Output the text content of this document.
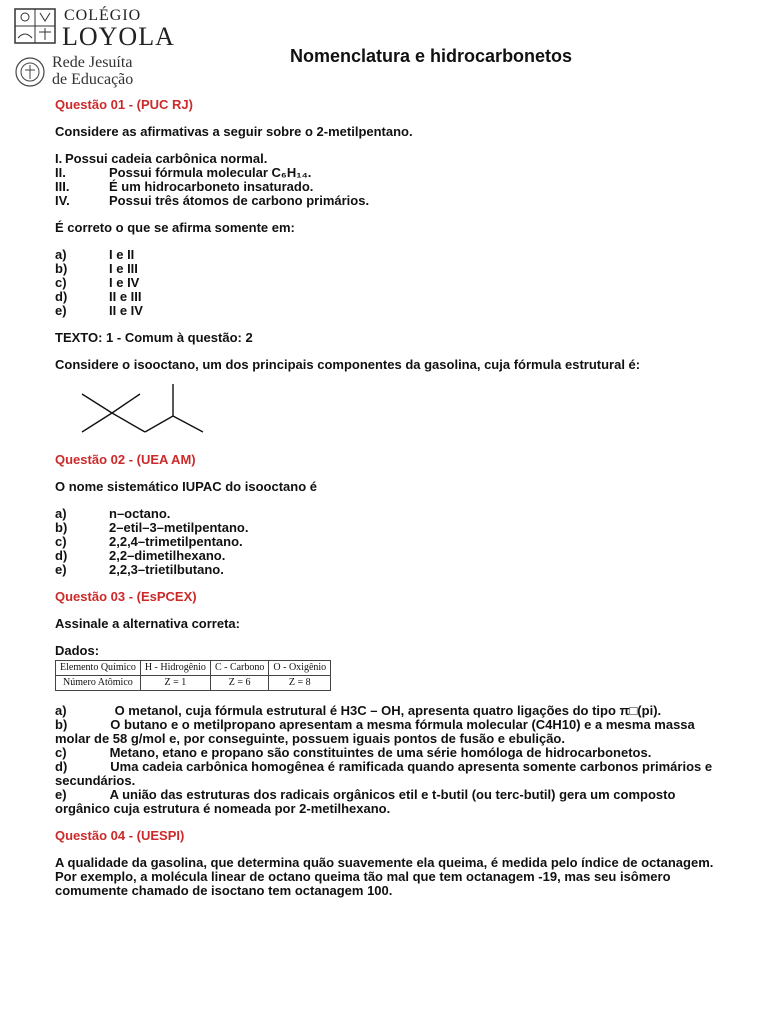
COLÉGIO
LOYOLA
Rede Jesuíta
de Educação
Nomenclatura e hidrocarbonetos

Questão 01 - (PUC RJ)

Considere as afirmativas a seguir sobre o 2-metilpentano.

I. Possui cadeia carbônica normal.
II.	Possui fórmula molecular C₆H₁₄.
III.	É um hidrocarboneto insaturado.
IV.	Possui três átomos de carbono primários.

É correto o que se afirma somente em:

a)	I e II
b)	I e III
c)	I e IV
d)	II e III
e)	II e IV

TEXTO: 1 - Comum à questão: 2

Considere o isooctano, um dos principais componentes da gasolina, cuja fórmula estrutural é:

Questão 02 - (UEA AM)

O nome sistemático IUPAC do isooctano é

a)	n–octano.
b)	2–etil–3–metilpentano.
c)	2,2,4–trimetilpentano.
d)	2,2–dimetilhexano.
e)	2,2,3–trietilbutano.

Questão 03 - (EsPCEX)

Assinale a alternativa correta:

Dados:

Elemento Químico	H - Hidrogênio	C - Carbono	O - Oxigênio
Número Atômico	Z = 1	Z = 6	Z = 8

a)	O metanol, cuja fórmula estrutural é H3C – OH, apresenta quatro ligações do tipo π□(pi).

b)	O butano e o metilpropano apresentam a mesma fórmula molecular (C4H10) e a mesma massa molar de 58 g/mol e, por conseguinte, possuem iguais pontos de fusão e ebulição.

c)	Metano, etano e propano são constituintes de uma série homóloga de hidrocarbonetos.

d)	Uma cadeia carbônica homogênea é ramificada quando apresenta somente carbonos primários e secundários.

e)	A união das estruturas dos radicais orgânicos etil e t-butil (ou terc-butil) gera um composto orgânico cuja estrutura é nomeada por 2-metilhexano.

Questão 04 - (UESPI)

A qualidade da gasolina, que determina quão suavemente ela queima, é medida pelo índice de octanagem. Por exemplo, a molécula linear de octano queima tão mal que tem octanagem -19, mas seu isômero comumente chamado de isoctano tem octanagem 100.
